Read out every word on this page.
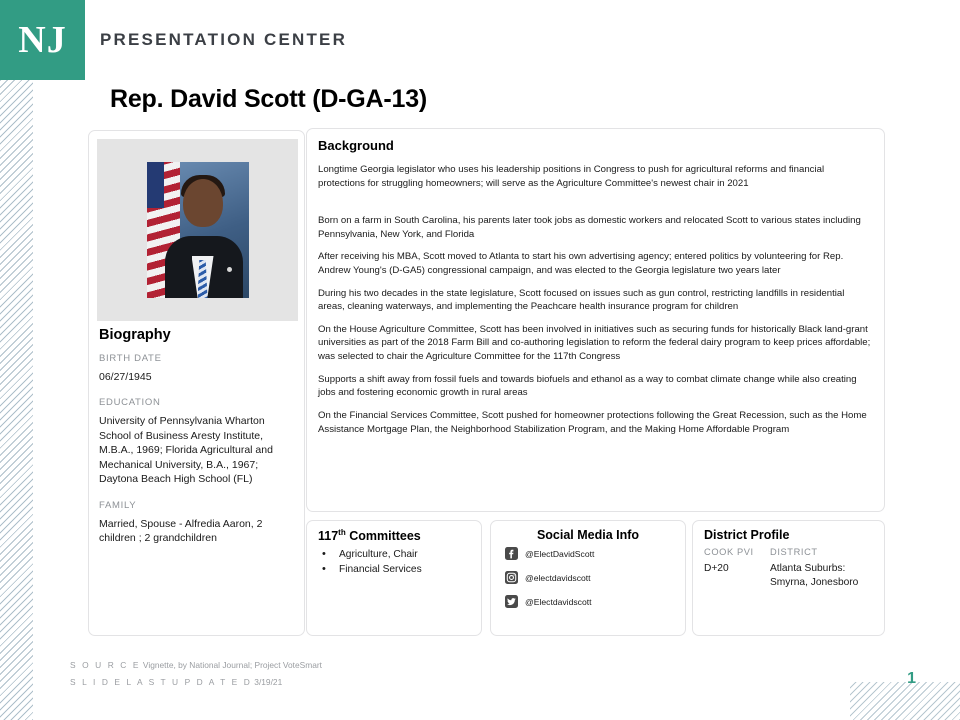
NJ PRESENTATION CENTER
Rep. David Scott (D-GA-13)
Biography
BIRTH DATE
06/27/1945
EDUCATION
University of Pennsylvania Wharton School of Business Aresty Institute, M.B.A., 1969; Florida Agricultural and Mechanical University, B.A., 1967; Daytona Beach High School (FL)
FAMILY
Married, Spouse - Alfredia Aaron, 2 children ; 2 grandchildren
Background

Longtime Georgia legislator who uses his leadership positions in Congress to push for agricultural reforms and financial protections for struggling homeowners; will serve as the Agriculture Committee's newest chair in 2021

Born on a farm in South Carolina, his parents later took jobs as domestic workers and relocated Scott to various states including Pennsylvania, New York, and Florida

After receiving his MBA, Scott moved to Atlanta to start his own advertising agency; entered politics by volunteering for Rep. Andrew Young's (D-GA5) congressional campaign, and was elected to the Georgia legislature two years later

During his two decades in the state legislature, Scott focused on issues such as gun control, restricting landfills in residential areas, cleaning waterways, and implementing the Peachcare health insurance program for children

On the House Agriculture Committee, Scott has been involved in initiatives such as securing funds for historically Black land-grant universities as part of the 2018 Farm Bill and co-authoring legislation to reform the federal dairy program to keep prices affordable; was selected to chair the Agriculture Committee for the 117th Congress

Supports a shift away from fossil fuels and towards biofuels and ethanol as a way to combat climate change while also creating jobs and fostering economic growth in rural areas

On the Financial Services Committee, Scott pushed for homeowner protections following the Great Recession, such as the Home Assistance Mortgage Plan, the Neighborhood Stabilization Program, and the Making Home Affordable Program

117th Committees
• Agriculture, Chair
• Financial Services
Social Media Info
@ElectDavidScott
@electdavidscott
@Electdavidscott
District Profile
COOK PVI	DISTRICT
D+20	Atlanta Suburbs: Smyrna, Jonesboro
S O U R C E Vignette, by National Journal; Project VoteSmart
S L I D E L A S T U P D A T E D 3/19/21	1
